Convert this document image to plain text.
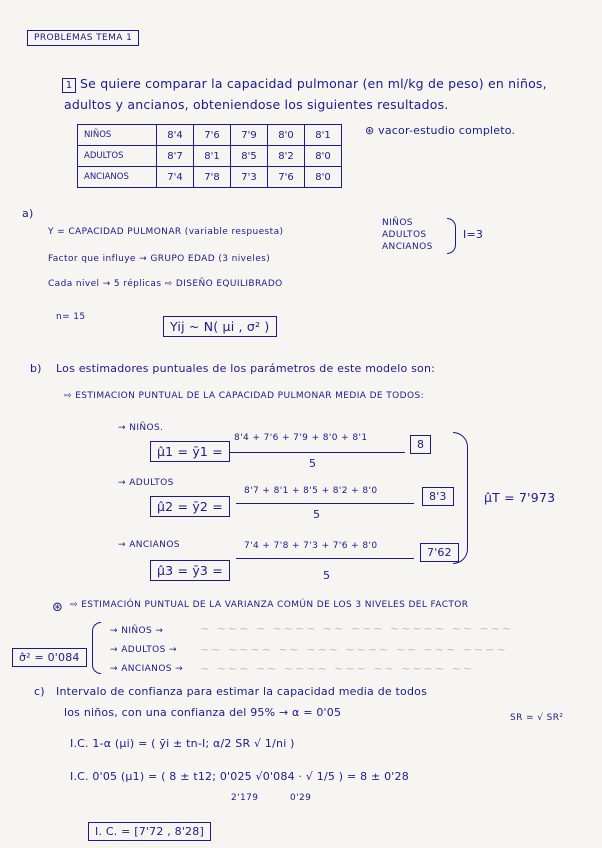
PROBLEMAS TEMA 1
1 Se quiere comparar la capacidad pulmonar (en ml/kg de peso) en niños,
adultos y ancianos, obteniendose los siguientes resultados.
NIÑOS	8'4	7'6	7'9	8'0	8'1
ADULTOS	8'7	8'1	8'5	8'2	8'0
ANCIANOS	7'4	7'8	7'3	7'6	8'0
⊛ vacor-estudio completo.
a)
Y = CAPACIDAD PULMONAR (variable respuesta)
NIÑOS
ADULTOS
ANCIANOS
I=3
Factor que influye → GRUPO EDAD (3 niveles)
Cada nivel → 5 réplicas ⇨ DISEÑO EQUILIBRADO
n= 15
Yij ~ N( μi , σ² )
b) Los estimadores puntuales de los parámetros de este modelo son:
⇨ ESTIMACION PUNTUAL DE LA CAPACIDAD PULMONAR MEDIA DE TODOS:
→ NIÑOS.
μ̂1 = ȳ1 =
8'4 + 7'6 + 7'9 + 8'0 + 8'1
5
8
→ ADULTOS
μ̂2 = ȳ2 =
8'7 + 8'1 + 8'5 + 8'2 + 8'0
5
8'3	μ̂T = 7'973
→ ANCIANOS
μ̂3 = ȳ3 =
7'4 + 7'8 + 7'3 + 7'6 + 8'0
5
7'62
⊛ ⇨ ESTIMACIÓN PUNTUAL DE LA VARIANZA COMÚN DE LOS 3 NIVELES DEL FACTOR
→ NIÑOS →
→ ADULTOS →
→ ANCIANOS →
~ ~~~ ~ ~~~~ ~~ ~~~ ~~~~~ ~~ ~~~
~~ ~~~~ ~~ ~~~ ~~~~ ~~ ~~~ ~~~~
~ ~~~ ~~ ~~~~ ~~~ ~~ ~~~~ ~~
σ̂² = 0'084
c) Intervalo de confianza para estimar la capacidad media de todos
los niños, con una confianza del 95% → α = 0'05	SR = √ SR²
I.C. 1-α (μi) = ( ȳi ± tn-I; α/2 SR √ 1/ni )
I.C. 0'05 (μ1) = ( 8 ± t12; 0'025 √0'084 · √ 1/5 ) = 8 ± 0'28
2'179	0'29
I. C. = [7'72 , 8'28]
